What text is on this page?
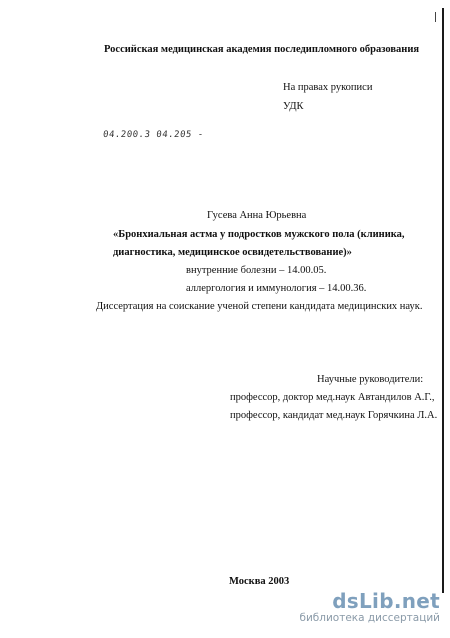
Российская медицинская академия последипломного образования
На правах рукописи
УДК
04.200.3 04.205 -
Гусева Анна Юрьевна
«Бронхиальная астма у подростков мужского пола (клиника,
диагностика, медицинское освидетельствование)»
внутренние болезни – 14.00.05.
аллергология и иммунология – 14.00.36.
Диссертация на соискание ученой степени кандидата медицинских наук.
Научные руководители:
профессор, доктор мед.наук Автандилов А.Г.,
профессор, кандидат мед.наук Горячкина Л.А.
Москва 2003
dsLib.net
библиотека диссертаций
